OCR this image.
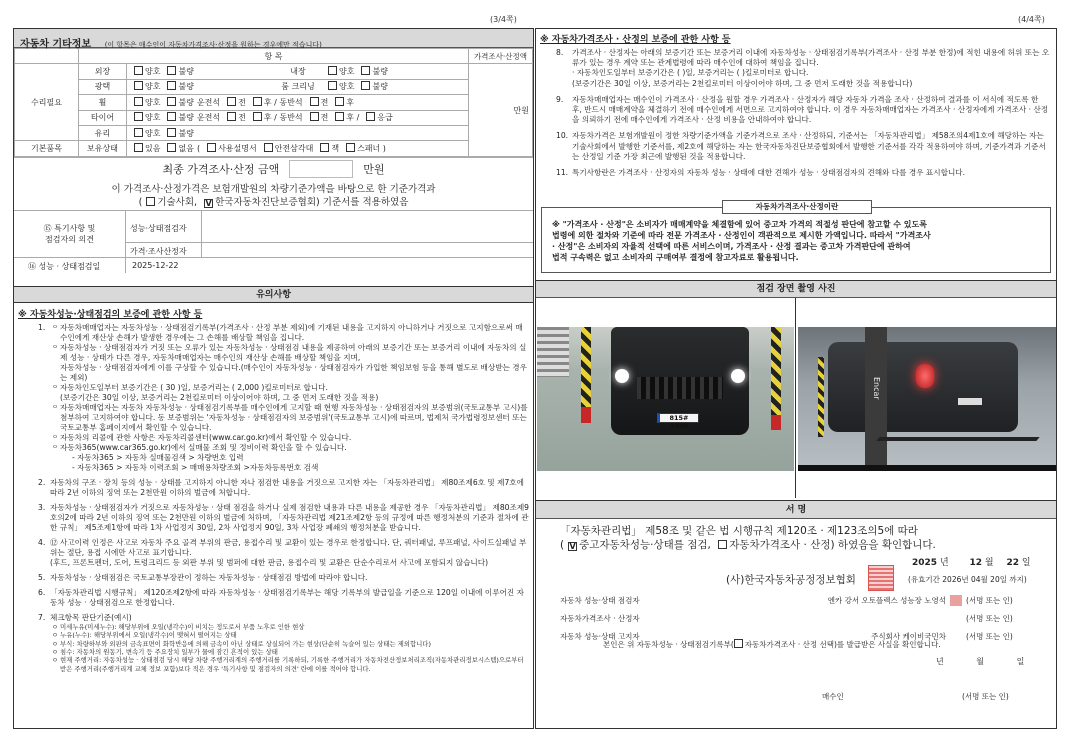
(3/4쪽)	(4/4쪽)
자동차 기타정보 (이 항목은 매수인이 자동차가격조사·산정을 원하는 경우에만 적습니다)
	항 목		가격조사·산정액
수리필요	외장	양호 불량 내장 양호 불량	만원
	광택	양호 불량 룸 크리닝 양호 불량	

	휠	양호 불량 운전석 전 후 / 동반석 전 후	
	타이어	양호 불량 운전석 전 후 / 동반석 전 후 / 응급	
	유리	양호 불량	
기본품목	보유상태	있음 없음 ( 사용설명서 안전삼각대 잭 스패너 )	
최종 가격조사·산정 금액	만원
이 가격조사·산정가격은 보험개발원의 차량기준가액을 바탕으로 한 기준가격과
( 기술사회, V 한국자동차진단보증협회) 기준서를 적용하였음
⑮ 특기사항 및
점검자의 의견
성능·상태점검자
가격·조사산정자
⑯ 성능 · 상태점검일	2025-12-22
유의사항
※ 자동차성능·상태점검의 보증에 관한 사항 등
1.	ㅇ 자동차매매업자는 자동차성능 · 상태점검기록부(가격조사 · 산정 부분 제외)에 기재된 내용을 고지하지 아니하거나 거짓으로 고지함으로써 매수인에게 재산상 손해가 발생한 경우에는 그 손해를 배상할 책임을 집니다.
ㅇ 자동차성능 · 상태점검자가 거짓 또는 오류가 있는 자동차성능 · 상태점검 내용을 제공하여 아래의 보증기간 또는 보증거리 이내에 자동차의 실제 성능 · 상태가 다른 경우, 자동차매매업자는 매수인의 재산상 손해를 배상할 책임을 지며,
자동차성능 · 상태점검자에게 이를 구상할 수 있습니다.(매수인이 자동차성능 · 상태점검자가 가입한 책임보험 등을 통해 별도로 배상받는 경우는 제외)
ㅇ 자동차인도일부터 보증기간은 ( 30 )일, 보증거리는 ( 2,000 )킬로미터로 합니다.
(보증기간은 30일 이상, 보증거리는 2천킬로미터 이상이어야 하며, 그 중 먼저 도래한 것을 적용)
ㅇ 자동차매매업자는 자동차 자동차성능 · 상태점검기록부를 매수인에게 고지할 때 현행 자동차성능 · 상태점검자의 보증범위(국토교통부 고시)를 첨부하여 고지하여야 합니다. 동 보증범위는 '자동차성능 · 상태점검자의 보증범위'(국토교통부 고시)에 따르며, 법제처 국가법령정보센터 또는 국토교통부 홈페이지에서 확인할 수 있습니다.
ㅇ 자동차의 리콜에 관한 사항은 자동차리콜센터(www.car.go.kr)에서 확인할 수 있습니다.
ㅇ 자동차365(www.car365.go.kr)에서 실매물 조회 및 정비이력 확인을 할 수 있습니다.
- 자동차365 > 자동차 실매물검색 > 차량번호 입력
- 자동차365 > 자동차 이력조회 > 매매용차량조회 >자동차등록번호 검색
2. 자동차의 구조 · 장치 등의 성능 · 상태를 고지하지 아니한 자나 점검한 내용을 거짓으로 고지한 자는 「자동차관리법」 제80조제6호 및 제7호에 따라 2년 이하의 징역 또는 2천만원 이하의 벌금에 처합니다.
3. 자동차성능 · 상태점검자가 거짓으로 자동차성능 · 상태 점검을 하거나 실제 점검한 내용과 다른 내용을 제공한 경우 「자동차관리법」 제80조제9호의2에 따라 2년 이하의 징역 또는 2천만원 이하의 벌금에 처하며, 「자동차관리법 제21조제2항 등의 규정에 따른 행정처분의 기준과 절차에 관한 규칙」 제5조제1항에 따라 1차 사업정지 30일, 2차 사업정지 90일, 3차 사업장 폐쇄의 행정처분을 받습니다.
4. ⑫ 사고이력 인정은 사고로 자동차 주요 골격 부위의 판금, 용접수리 및 교환이 있는 경우로 한정합니다. 단, 쿼터패널, 루프패널, 사이드실패널 부위는 절단, 용접 시에만 사고로 표기합니다.
(후드, 프론트펜더, 도어, 트렁크리드 등 외판 부위 및 범퍼에 대한 판금, 용접수리 및 교환은 단순수리로서 사고에 포함되지 않습니다)
5. 자동차성능 · 상태점검은 국토교통부장관이 정하는 자동차성능 · 상태점검 방법에 따라야 합니다.
6. 「자동차관리법 시행규칙」 제120조제2항에 따라 자동차성능 · 상태점검기록부는 해당 기록부의 발급일을 기준으로 120일 이내에 이루어진 자동차 성능 · 상태점검으로 한정합니다.
7. 체크항목 판단기준(예시)
ㅇ 미세누유(미세누수): 해당부위에 오일(냉각수)이 비치는 정도로서 부품 노후로 인한 현상
ㅇ 누유(누수): 해당부위에서 오일(냉각수)이 맺혀서 떨어지는 상태
ㅇ 부식: 차량하부와 외판의 금속표면이 화학반응에 의해 금속이 아닌 상태로 상실되어 가는 현상(단순히 녹슬어 있는 상태는 제외합니다)
ㅇ 침수: 자동차의 원동기, 변속기 등 주요장치 일부가 물에 잠긴 흔적이 있는 상태
ㅇ 현재 주행거리: 자동차성능 · 상태점검 당시 해당 차량 주행거리계의 주행거리를 기록하되, 기록한 주행거리가 자동차전산정보처리조직(자동차관리정보시스템)으로부터 받은 주행거리(주행거리계 교체 정보 포함)보다 적은 경우 '특기사항 및 점검자의 의견' 란에 이를 적어야 합니다.
※ 자동차가격조사 · 산정의 보증에 관한 사항 등
8.	가격조사 · 산정자는 아래의 보증기간 또는 보증거리 이내에 자동차성능 · 상태점검기록부(가격조사 · 산정 부분 한정)에 적힌 내용에 허위 또는 오류가 있는 경우 계약 또는 관계법령에 따라 매수인에 대하여 책임을 집니다.
· 자동차인도일부터 보증기간은 ( )일, 보증거리는 ( )킬로미터로 합니다.
(보증기간은 30일 이상, 보증거리는 2천킬로미터 이상이어야 하며, 그 중 먼저 도래한 것을 적용합니다)
9.	자동차매매업자는 매수인이 가격조사 · 산정을 원할 경우 가격조사 · 산정자가 해당 자동차 가격을 조사 · 산정하여 결과를 이 서식에 적도록 한 후, 반드시 매매계약을 체결하기 전에 매수인에게 서면으로 고지하여야 합니다. 이 경우 자동차매매업자는 가격조사 · 산정자에게 가격조사 · 산정을 의뢰하기 전에 매수인에게 가격조사 · 산정 비용을 안내하여야 합니다.
10. 자동차가격은 보험개발원이 정한 차량기준가액을 기준가격으로 조사 · 산정하되, 기준서는 「자동차관리법」 제58조의4제1호에 해당하는 자는 기술사회에서 발행한 기준서를, 제2호에 해당하는 자는 한국자동차진단보증협회에서 발행한 기준서를 각각 적용하여야 하며, 기준가격과 기준서는 산정일 기준 가장 최근에 발행된 것을 적용합니다.
11. 특기사항란은 가격조사 · 산정자의 자동차 성능 · 상태에 대한 견해가 성능 · 상태점검자의 견해와 다를 경우 표시합니다.
자동차가격조사·산정이란
※ "가격조사 · 산정"은 소비자가 매매계약을 체결함에 있어 중고차 가격의 적절성 판단에 참고할 수 있도록
법령에 의한 절차와 기준에 따라 전문 가격조사 · 산정인이 객관적으로 제시한 가액입니다. 따라서 "가격조사
· 산정"은 소비자의 자율적 선택에 따른 서비스이며, 가격조사 · 산정 결과는 중고차 가격판단에 관하여
법적 구속력은 없고 소비자의 구매여부 결정에 참고자료로 활용됩니다.
점검 장면 촬영 사진
815# 1999
Encar
서 명
「자동차관리법」 제58조 및 같은 법 시행규칙 제120조 · 제123조의5에 따라
( V 중고자동차성능·상태를 점검, 자동차가격조사 · 산정) 하였음을 확인합니다.
2025 년 12 월 22 일
(사)한국자동차공정정보협회	(유효기간 2026년 04월 20일 까지)
자동차 성능·상태 점검자	엔카 강서 오토플렉스 성능장 노영석	(서명 또는 인)
자동차가격조사 · 산정자	(서명 또는 인)
자동차 성능·상태 고지자	주식회사 케이비국민차	(서명 또는 인)
본인은 위 자동차성능 · 상태점검기록부( 자동차가격조사 · 산정 선택)를 발급받은 사실을 확인합니다.
년	월	일
매수인	(서명 또는 인)
